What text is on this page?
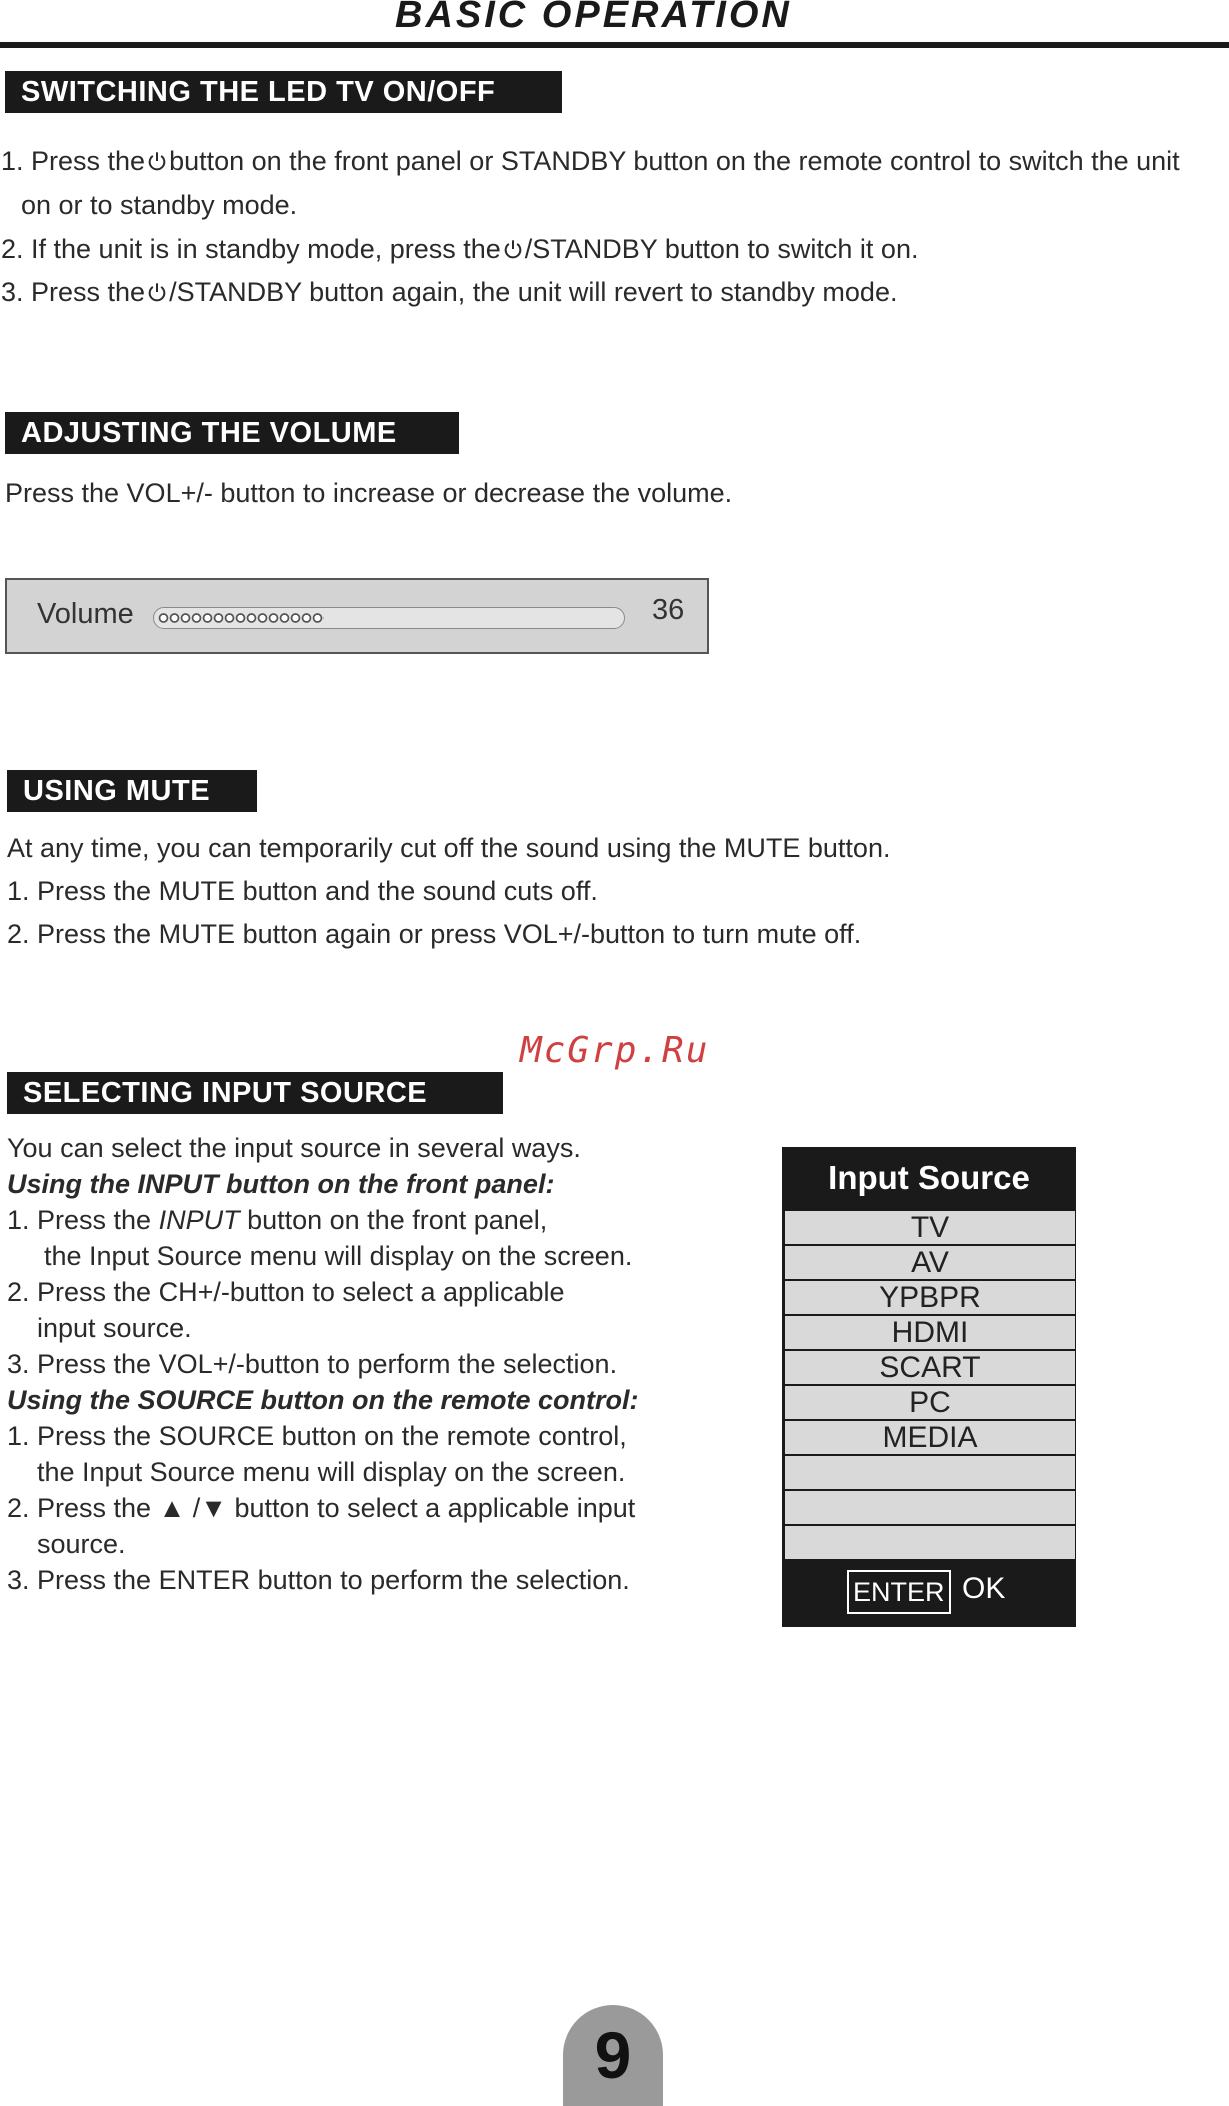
BASIC OPERATION
SWITCHING THE LED TV ON/OFF
1. Press the button on the front panel or STANDBY button on the remote control to switch the unit
on or to standby mode.
2. If the unit is in standby mode, press the /STANDBY button to switch it on.
3. Press the /STANDBY button again, the unit will revert to standby mode.
ADJUSTING THE VOLUME
Press the VOL+/- button to increase or decrease the volume.
Volume	36
USING MUTE
At any time, you can temporarily cut off the sound using the MUTE button.
1. Press the MUTE button and the sound cuts off.
2. Press the MUTE button again or press VOL+/-button to turn mute off.
McGrp.Ru
SELECTING INPUT SOURCE
You can select the input source in several ways.
Using the INPUT button on the front panel:
1. Press the INPUT button on the front panel,
the Input Source menu will display on the screen.
2. Press the CH+/-button to select a applicable
input source.
3. Press the VOL+/-button to perform the selection.
Using the SOURCE button on the remote control:
1. Press the SOURCE button on the remote control,
the Input Source menu will display on the screen.
2. Press the ▲ /▼ button to select a applicable input
source.
3. Press the ENTER button to perform the selection.
Input Source
TV
AV
YPBPR
HDMI
SCART
PC
MEDIA
ENTER OK
9
